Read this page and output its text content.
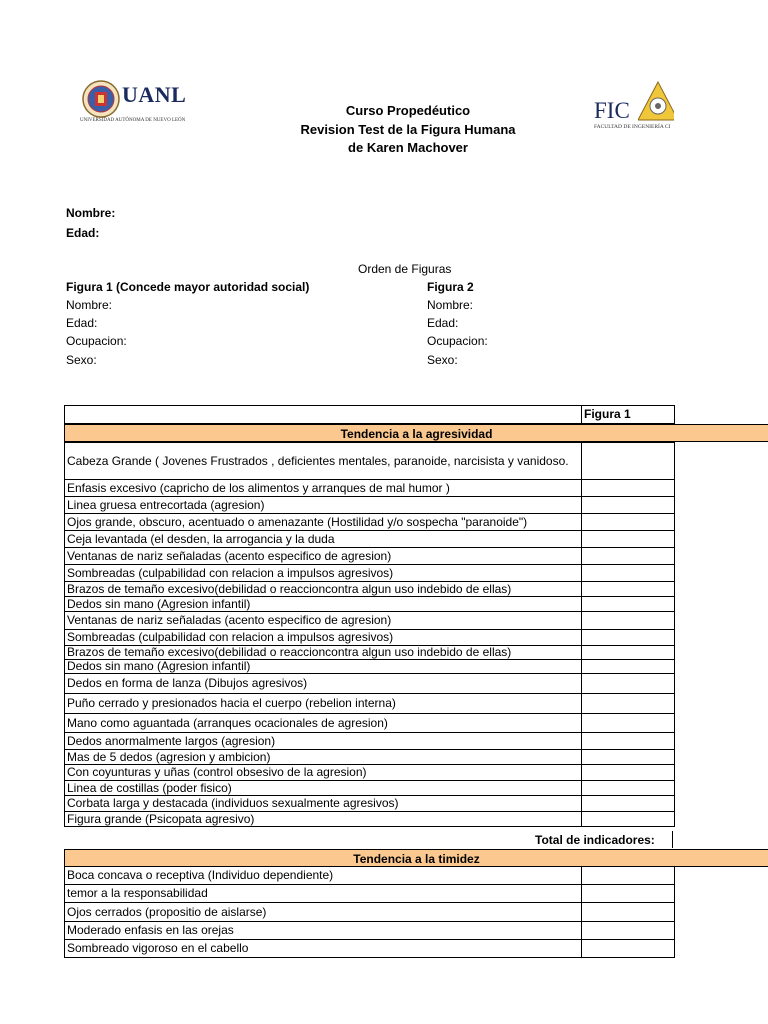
UANL
UNIVERSIDAD AUTÓNOMA DE NUEVO LEÓN	FIC
FACULTAD DE INGENIERÍA CI
Curso Propedéutico
Revision Test de la Figura Humana
de Karen Machover
Nombre:
Edad:
Orden de Figuras
Figura 1 (Concede mayor autoridad social)
Nombre:
Edad:
Ocupacion:
Sexo:
Figura 2
Nombre:
Edad:
Ocupacion:
Sexo:
	Figura 1
Tendencia a la agresividad
Cabeza Grande ( Jovenes Frustrados , deficientes mentales, paranoide, narcisista y vanidoso.	
Enfasis excesivo (capricho de los alimentos y arranques de mal humor )	
Linea gruesa entrecortada (agresion)	
Ojos grande, obscuro, acentuado o amenazante (Hostilidad y/o sospecha "paranoide")	
Ceja levantada (el desden, la arrogancia y la duda	
Ventanas de nariz señaladas (acento especifico de agresion)	
Sombreadas (culpabilidad con relacion a impulsos agresivos)	
Brazos de temaño excesivo(debilidad o reaccioncontra algun uso indebido de ellas)	
Dedos sin mano (Agresion infantil)	
Ventanas de nariz señaladas (acento especifico de agresion)	
Sombreadas (culpabilidad con relacion a impulsos agresivos)	
Brazos de temaño excesivo(debilidad o reaccioncontra algun uso indebido de ellas)	
Dedos sin mano (Agresion infantil)	
Dedos en forma de lanza (Dibujos agresivos)	
Puño cerrado y presionados hacia el cuerpo (rebelion interna)	
Mano como aguantada (arranques ocacionales de agresion)	
Dedos anormalmente largos (agresion)	
Mas de 5 dedos (agresion y ambicion)	
Con coyunturas y uñas (control obsesivo de la agresion)	
Linea de costillas (poder fisico)	
Corbata larga y destacada (individuos sexualmente agresivos)	
Figura grande (Psicopata agresivo)	

Total de indicadores:
Tendencia a la timidez
Boca concava o receptiva (Individuo dependiente)	
temor a la responsabilidad	
Ojos cerrados (propositio de aislarse)	
Moderado enfasis en las orejas	
Sombreado vigoroso en el cabello	
